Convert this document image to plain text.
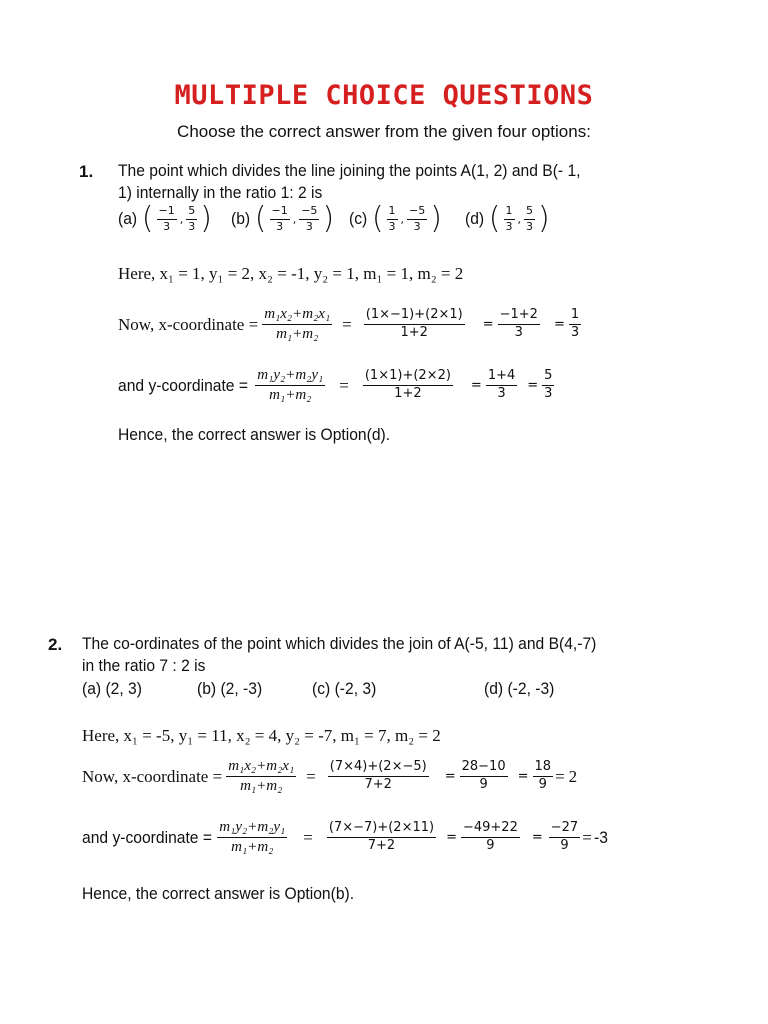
MULTIPLE CHOICE QUESTIONS
Choose the correct answer from the given four options:
1. The point which divides the line joining the points A(1, 2) and B(- 1,
1) internally in the ratio 1: 2 is
(a) ( $\frac{-1}{3}$ , $\frac{5}{3}$ ) (b) ( $\frac{-1}{3}$ , $\frac{-5}{3}$ ) (c) ( $\frac{1}{3}$ , $\frac{-5}{3}$ ) (d) ( $\frac{1}{3}$ , $\frac{5}{3}$ )
Here, x₁ = 1, y₁ = 2, x₂ = -1, y₂ = 1, m₁ = 1, m₂ = 2
Now, x-coordinate = $\frac{\text{m₁x₂+m₂x₁}}{\text{m₁+m₂}} = \frac{(1\times-1)+(2\times 1)}{1+2} = \frac{-1+2}{3} = \frac{1}{3}$
and y-coordinate = $\frac{\text{m₁y₂+m₂y₁}}{\text{m₁+m₂}} = \frac{(1\times 1)+(2\times 2)}{1+2} = \frac{1+4}{3} = \frac{5}{3}$
Hence, the correct answer is Option(d).
2. The co-ordinates of the point which divides the join of A(-5, 11) and B(4,-7)
in the ratio 7 : 2 is
(a) (2, 3)	(b) (2, -3)	(c) (-2, 3)	(d) (-2, -3)
Here, x₁ = -5, y₁ = 11, x₂ = 4, y₂ = -7, m₁ = 7, m₂ = 2
Now, x-coordinate = $\frac{\text{m₁x₂+m₂x₁}}{\text{m₁+m₂}} = \frac{(7\times 4)+(2\times-5)}{7+2} = \frac{28-10}{9} = \frac{18}{9} = 2$
and y-coordinate = $\frac{\text{m₁y₂+m₂y₁}}{\text{m₁+m₂}} = \frac{(7\times-7)+(2\times 11)}{7+2} = \frac{-49+22}{9} = \frac{-27}{9} = -3$
Hence, the correct answer is Option(b).
